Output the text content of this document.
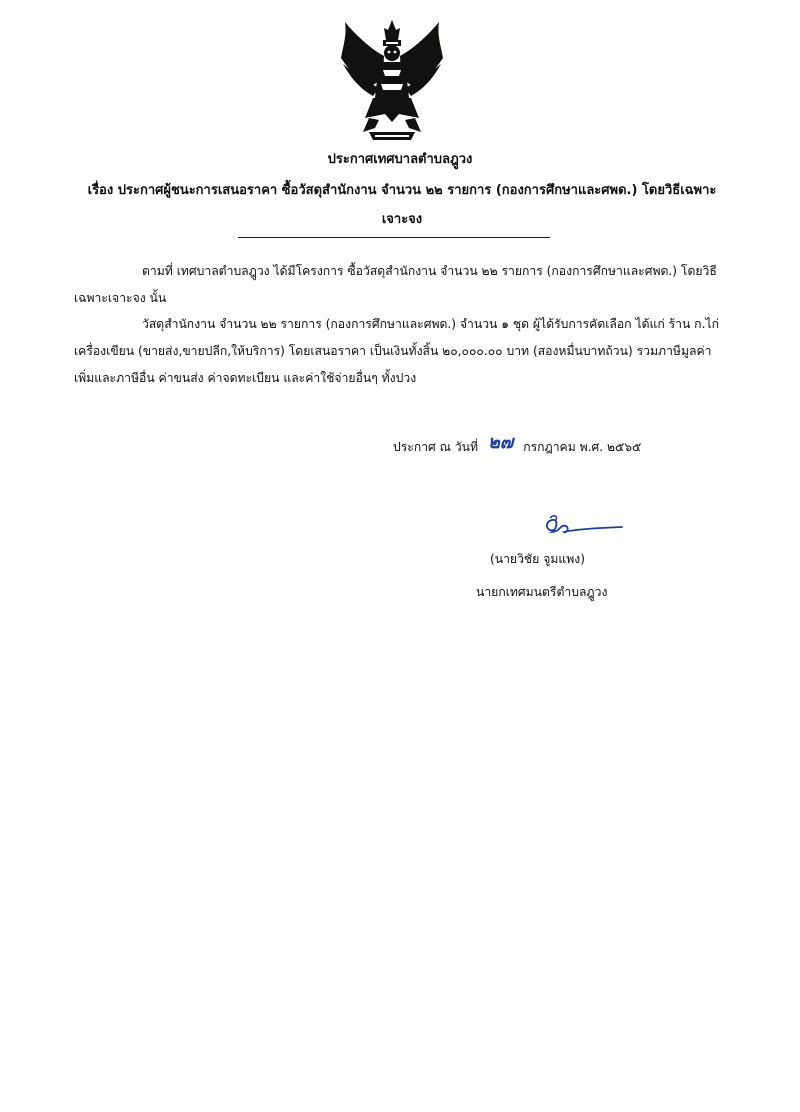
ประกาศเทศบาลตำบลฎูวง
เรื่อง ประกาศผู้ชนะการเสนอราคา ซื้อวัสดุสำนักงาน จำนวน ๒๒ รายการ (กองการศึกษาและศพด.) โดยวิธีเฉพาะเจาะจง
ตามที่ เทศบาลตำบลฎูวง ได้มีโครงการ ซื้อวัสดุสำนักงาน จำนวน ๒๒ รายการ (กองการศึกษาและศพด.) โดยวิธีเฉพาะเจาะจง นั้น
วัสดุสำนักงาน จำนวน ๒๒ รายการ (กองการศึกษาและศพด.) จำนวน ๑ ชุด ผู้ได้รับการคัดเลือก ได้แก่ ร้าน ก.ไก่ เครื่องเขียน (ขายส่ง,ขายปลีก,ให้บริการ) โดยเสนอราคา เป็นเงินทั้งสิ้น ๒๐,๐๐๐.๐๐ บาท (สองหมื่นบาทถ้วน) รวมภาษีมูลค่าเพิ่มและภาษีอื่น ค่าขนส่ง ค่าจดทะเบียน และค่าใช้จ่ายอื่นๆ ทั้งปวง
ประกาศ ณ วันที่ ๒๗ กรกฎาคม พ.ศ. ๒๕๖๕
(นายวิชัย จูมแพง)
นายกเทศมนตรีตำบลฎูวง
